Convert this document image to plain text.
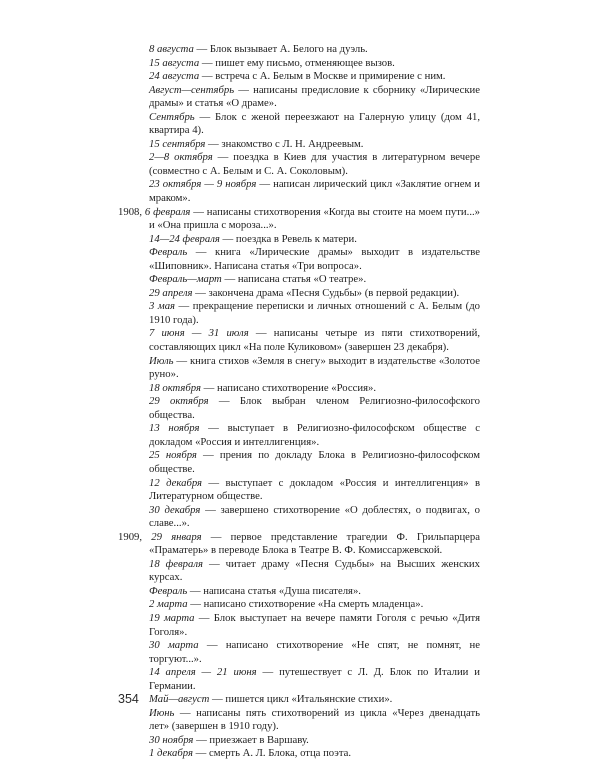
8 августа — Блок вызывает А. Белого на дуэль.

15 августа — пишет ему письмо, отменяющее вызов.

24 августа — встреча с А. Белым в Москве и примирение с ним.

Август—сентябрь — написаны предисловие к сборнику «Лирические драмы» и статья «О драме».

Сентябрь — Блок с женой переезжают на Галерную улицу (дом 41, квартира 4).

15 сентября — знакомство с Л. Н. Андреевым.

2—8 октября — поездка в Киев для участия в литературном вечере (совместно с А. Белым и С. А. Соколовым).

23 октября — 9 ноября — написан лирический цикл «Заклятие огнем и мраком».

1908, 6 февраля — написаны стихотворения «Когда вы стоите на моем пути...» и «Она пришла с мороза...».

14—24 февраля — поездка в Ревель к матери.

Февраль — книга «Лирические драмы» выходит в издательстве «Шиповник». Написана статья «Три вопроса».

Февраль—март — написана статья «О театре».

29 апреля — закончена драма «Песня Судьбы» (в первой редакции).

3 мая — прекращение переписки и личных отношений с А. Белым (до 1910 года).

7 июня — 31 июля — написаны четыре из пяти стихотворений, составляющих цикл «На поле Куликовом» (завершен 23 декабря).

Июль — книга стихов «Земля в снегу» выходит в издательстве «Золотое руно».

18 октября — написано стихотворение «Россия».

29 октября — Блок выбран членом Религиозно-философского общества.

13 ноября — выступает в Религиозно-философском обществе с докладом «Россия и интеллигенция».

25 ноября — прения по докладу Блока в Религиозно-философском обществе.

12 декабря — выступает с докладом «Россия и интеллигенция» в Литературном обществе.

30 декабря — завершено стихотворение «О доблестях, о подвигах, о славе...».

1909, 29 января — первое представление трагедии Ф. Грильпарцера «Праматерь» в переводе Блока в Театре В. Ф. Комиссаржевской.

18 февраля — читает драму «Песня Судьбы» на Высших женских курсах.

Февраль — написана статья «Душа писателя».

2 марта — написано стихотворение «На смерть младенца».

19 марта — Блок выступает на вечере памяти Гоголя с речью «Дитя Гоголя».

30 марта — написано стихотворение «Не спят, не помнят, не торгуют...».

14 апреля — 21 июня — путешествует с Л. Д. Блок по Италии и Германии.

Май—август — пишется цикл «Итальянские стихи».

Июнь — написаны пять стихотворений из цикла «Через двенадцать лет» (завершен в 1910 году).

30 ноября — приезжает в Варшаву.

1 декабря — смерть А. Л. Блока, отца поэта.

354
